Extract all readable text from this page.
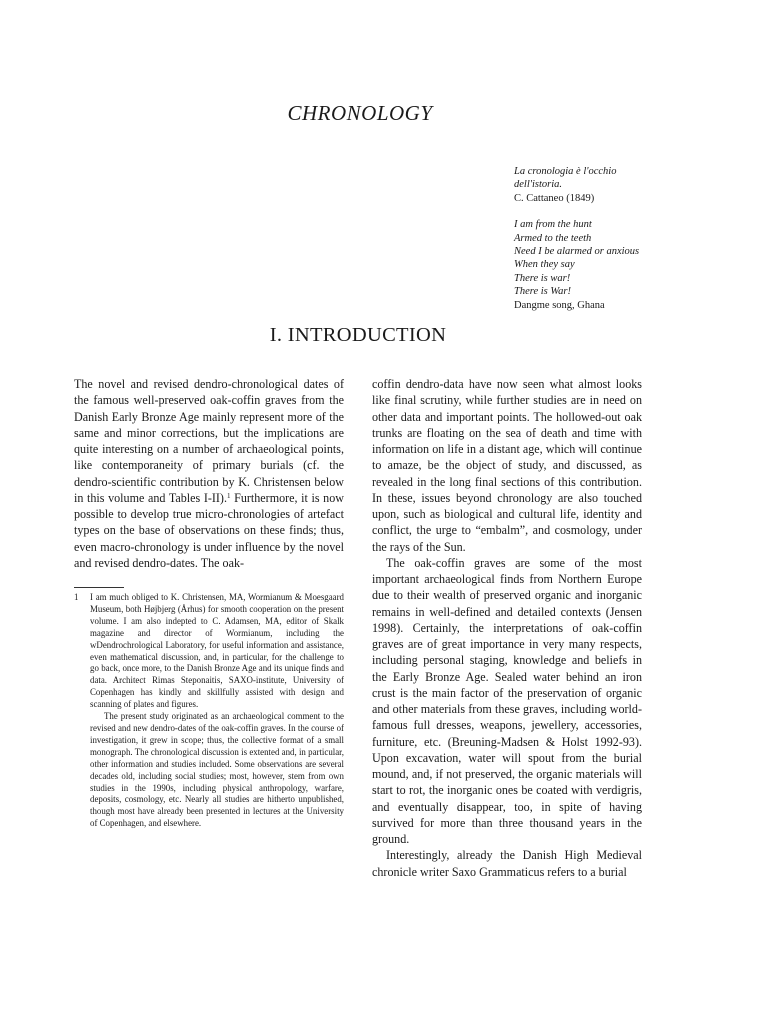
CHRONOLOGY
La cronologia è l'occhio
dell'istoria.
C. Cattaneo (1849)
I am from the hunt
Armed to the teeth
Need I be alarmed or anxious
When they say
There is war!
There is War!
Dangme song, Ghana
I. INTRODUCTION

The novel and revised dendro-chronological dates of the famous well-preserved oak-coffin graves from the Danish Early Bronze Age mainly represent more of the same and minor corrections, but the implications are quite interesting on a number of archaeological points, like contemporaneity of primary burials (cf. the dendro-scientific contribution by K. Christensen below in this volume and Tables I-II).$^1$ Furthermore, it is now possible to develop true micro-chronologies of artefact types on the base of observations on these finds; thus, even macro-chronology is under influence by the novel and revised dendro-dates. The oak-

1 I am much obliged to K. Christensen, MA, Wormianum & Moesgaard Museum, both Højbjerg (Århus) for smooth cooperation on the present volume. I am also indepted to C. Adamsen, MA, editor of Skalk magazine and director of Wormianum, including the wDendrochrological Laboratory, for useful information and assistance, even mathematical discussion, and, in particular, for the challenge to go back, once more, to the Danish Bronze Age and its unique finds and data. Architect Rimas Steponaitis, SAXO-institute, University of Copenhagen has kindly and skillfully assisted with design and scanning of plates and figures.
The present study originated as an archaeological comment to the revised and new dendro-dates of the oak-coffin graves. In the course of investigation, it grew in scope; thus, the collective format of a small monograph. The chronological discussion is extented and, in particular, other information and studies included. Some observations are several decades old, including social studies; most, however, stem from own studies in the 1990s, including physical anthropology, warfare, deposits, cosmology, etc. Nearly all studies are hitherto unpublished, though most have already been presented in lectures at the University of Copenhagen, and elsewhere.

coffin dendro-data have now seen what almost looks like final scrutiny, while further studies are in need on other data and important points. The hollowed-out oak trunks are floating on the sea of death and time with information on life in a distant age, which will continue to amaze, be the object of study, and discussed, as revealed in the long final sections of this contribution. In these, issues beyond chronology are also touched upon, such as biological and cultural life, identity and conflict, the urge to “embalm”, and cosmology, under the rays of the Sun.

The oak-coffin graves are some of the most important archaeological finds from Northern Europe due to their wealth of preserved organic and inorganic remains in well-defined and detailed contexts (Jensen 1998). Certainly, the interpretations of oak-coffin graves are of great importance in very many respects, including personal staging, knowledge and beliefs in the Early Bronze Age. Sealed water behind an iron crust is the main factor of the preservation of organic and other materials from these graves, including world-famous full dresses, weapons, jewellery, accessories, furniture, etc. (Breuning-Madsen & Holst 1992-93). Upon excavation, water will spout from the burial mound, and, if not preserved, the organic materials will start to rot, the inorganic ones be coated with verdigris, and eventually disappear, too, in spite of having survived for more than three thousand years in the ground.

Interestingly, already the Danish High Medieval chronicle writer Saxo Grammaticus refers to a burial
